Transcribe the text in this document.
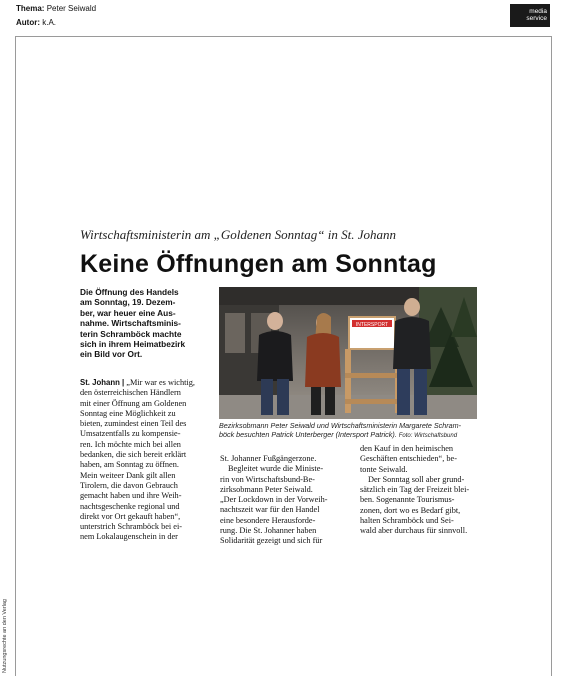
Thema: Peter Seiwald
Autor: k.A.
media
service
Nutzungsrechte an den Verlag
Wirtschaftsministerin am „Goldenen Sonntag“ in St. Johann
Keine Öffnungen am Sonntag
Die Öffnung des Handels
am Sonntag, 19. Dezem-
ber, war heuer eine Aus-
nahme. Wirtschaftsminis-
terin Schramböck machte
sich in ihrem Heimatbezirk
ein Bild vor Ort.
St. Johann | „Mir war es wichtig,
den österreichischen Händlern
mit einer Öffnung am Goldenen
Sonntag eine Möglichkeit zu
bieten, zumindest einen Teil des
Umsatzentfalls zu kompensie-
ren. Ich möchte mich bei allen
bedanken, die sich bereit erklärt
haben, am Sonntag zu öffnen.
Mein weiteer Dank gilt allen
Tirolern, die davon Gebrauch
gemacht haben und ihre Weih-
nachtsgeschenke regional und
direkt vor Ort gekauft haben“,
unterstrich Schramböck bei ei-
nem Lokalaugenschein in der
INTERSPORT
Bezirksobmann Peter Seiwald und Wirtschaftsministerin Margarete Schram-
böck besuchten Patrick Unterberger (Intersport Patrick). Foto: Wirtschaftsbund
St. Johanner Fußgängerzone.
Begleitet wurde die Ministe-
rin von Wirtschaftsbund-Be-
zirksobmann Peter Seiwald.
„Der Lockdown in der Vorweih-
nachtszeit war für den Handel
eine besondere Herausforde-
rung. Die St. Johanner haben
Solidarität gezeigt und sich für
den Kauf in den heimischen
Geschäften entschieden“, be-
tonte Seiwald.
Der Sonntag soll aber grund-
sätzlich ein Tag der Freizeit blei-
ben. Sogenannte Tourismus-
zonen, dort wo es Bedarf gibt,
halten Schramböck und Sei-
wald aber durchaus für sinnvoll.
